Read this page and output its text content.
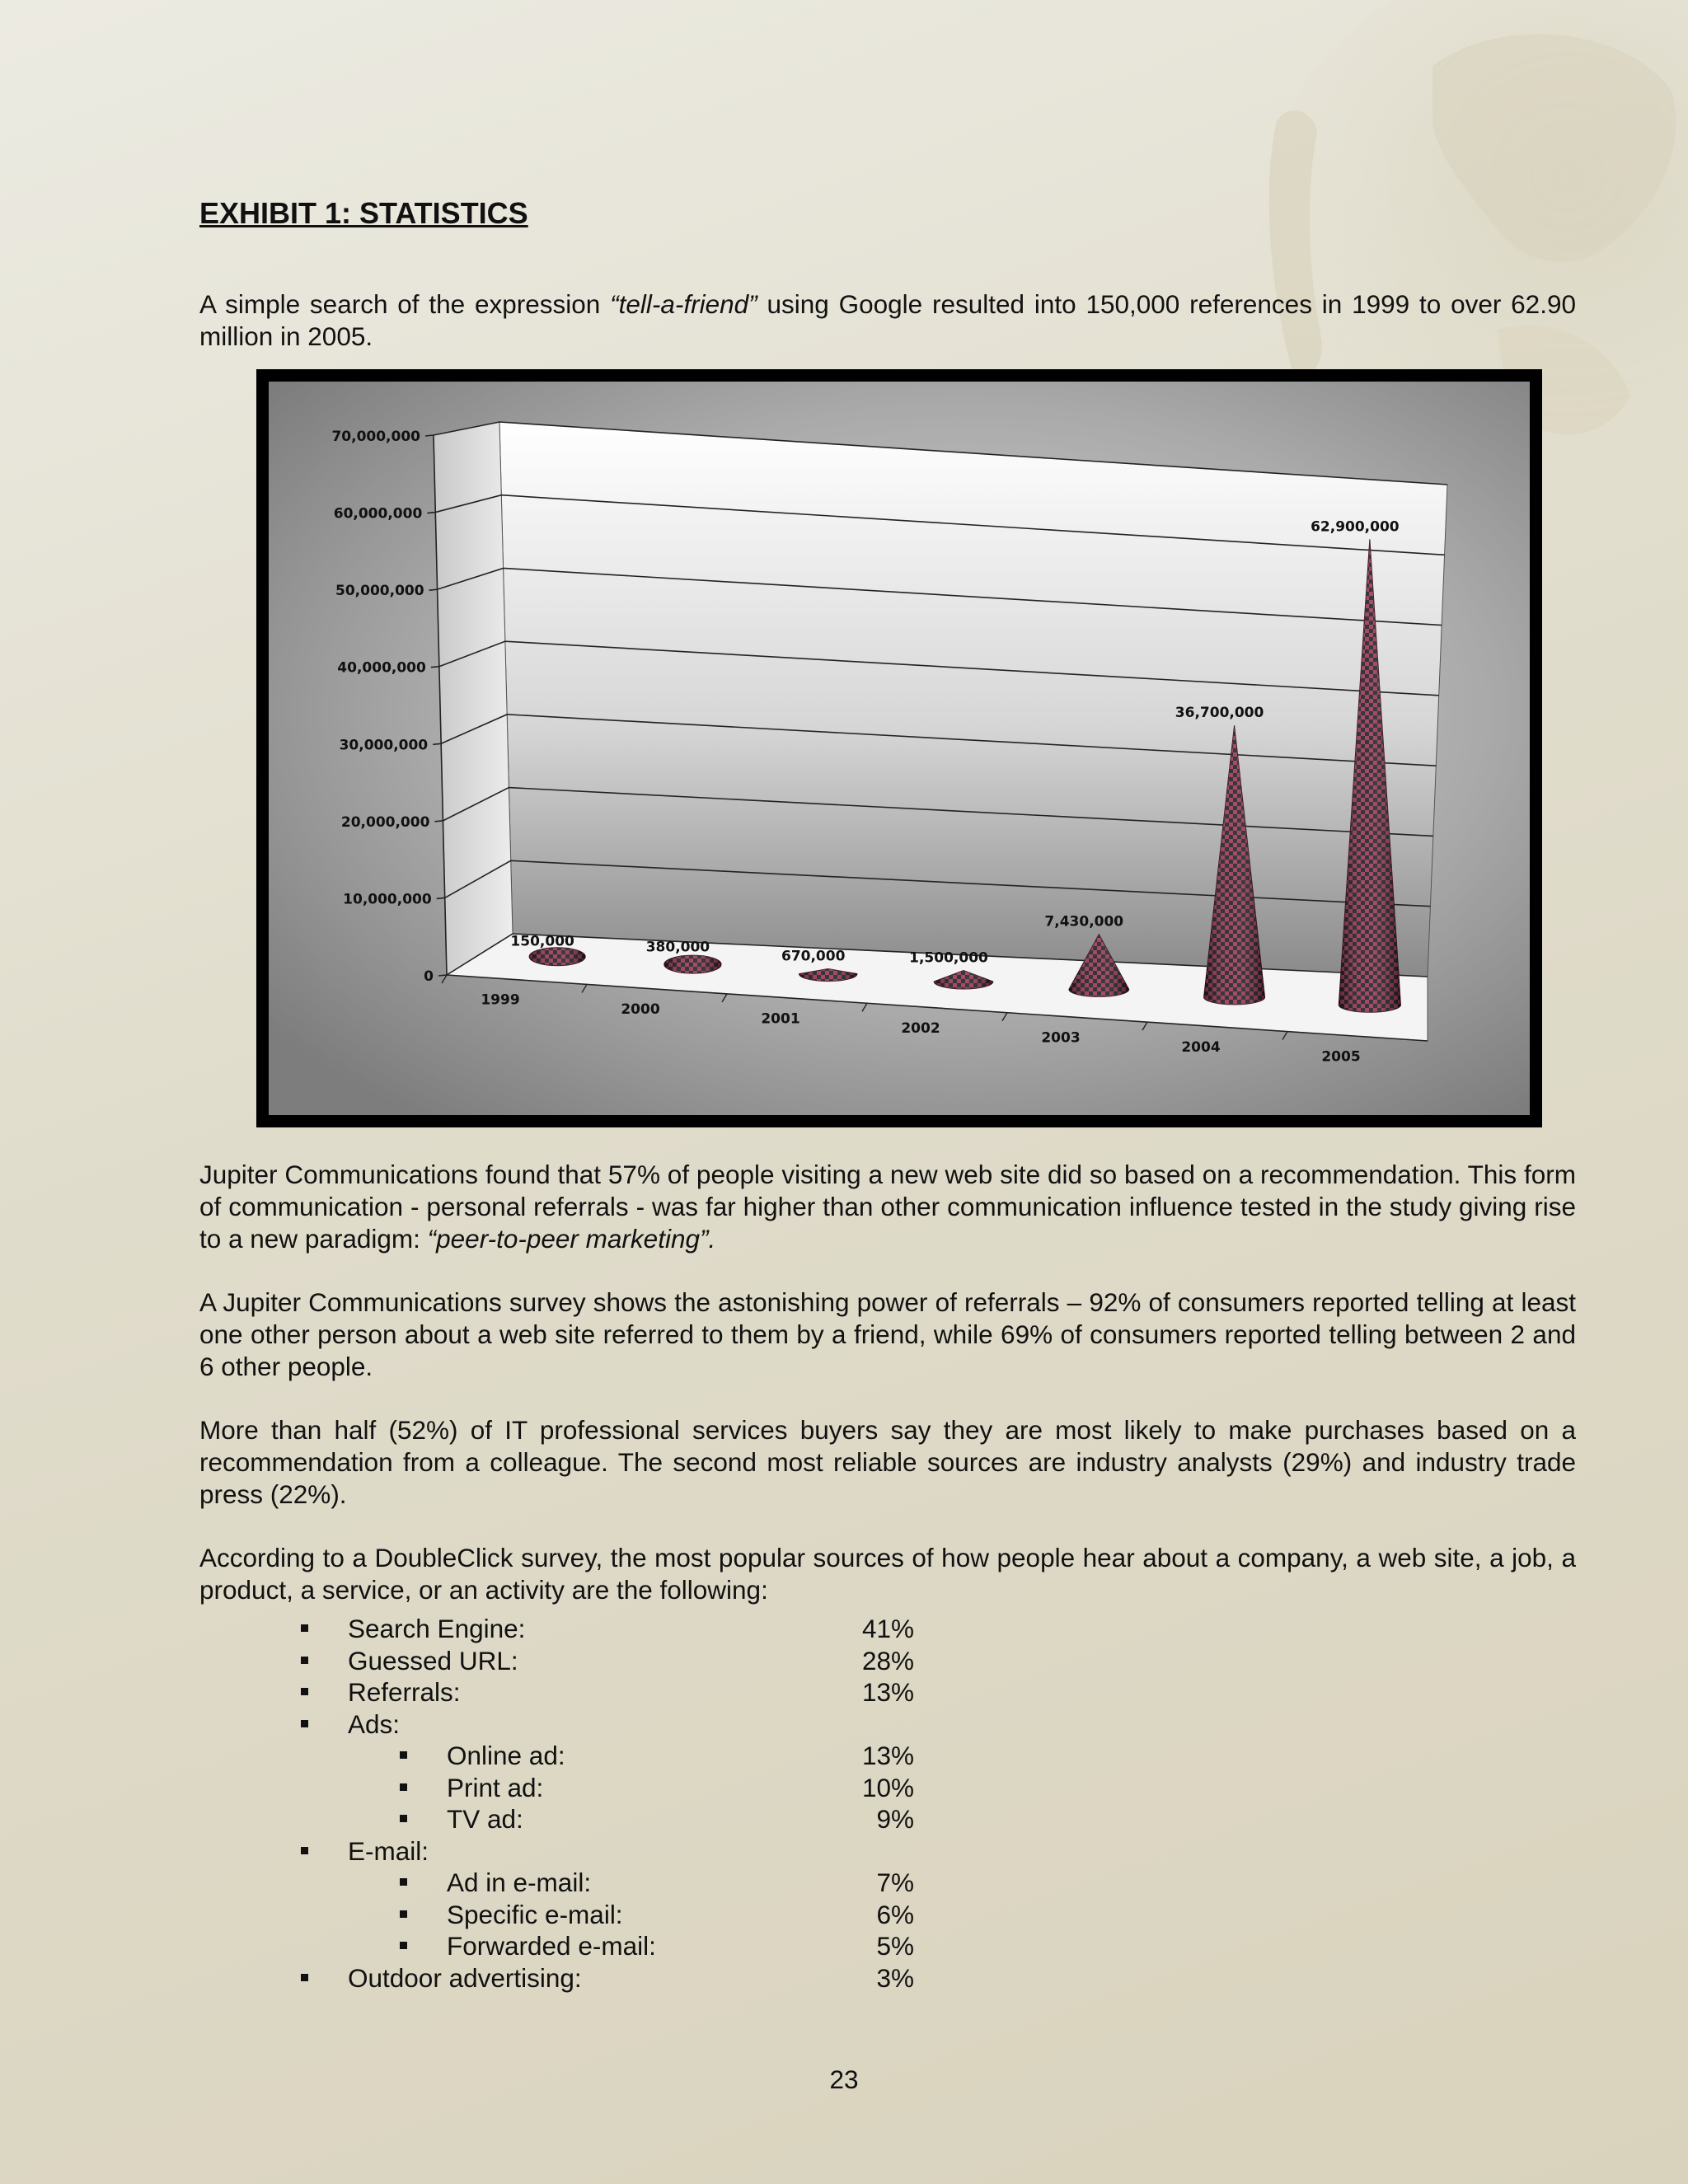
EXHIBIT 1: STATISTICS

A simple search of the expression “tell-a-friend” using Google resulted into 150,000 references in 1999 to over 62.90 million in 2005.

0
10,000,000
20,000,000
30,000,000
40,000,000
50,000,000
60,000,000
70,000,000
150,000
1999
380,000
2000
670,000
2001
1,500,000
2002
7,430,000
2003
36,700,000
2004
62,900,000
2005

Jupiter Communications found that 57% of people visiting a new web site did so based on a recommendation. This form of communication - personal referrals - was far higher than other communication influence tested in the study giving rise to a new paradigm: “peer-to-peer marketing”.

A Jupiter Communications survey shows the astonishing power of referrals – 92% of consumers reported telling at least one other person about a web site referred to them by a friend, while 69% of consumers reported telling between 2 and 6 other people.

More than half (52%) of IT professional services buyers say they are most likely to make purchases based on a recommendation from a colleague. The second most reliable sources are industry analysts (29%) and industry trade press (22%).

According to a DoubleClick survey, the most popular sources of how people hear about a company, a web site, a job, a product, a service, or an activity are the following:

Search Engine:	41%
Guessed URL:	28%
Referrals:	13%
Ads:
Online ad:	13%
Print ad:	10%
TV ad:	9%
E-mail:
Ad in e-mail:	7%
Specific e-mail:	6%
Forwarded e-mail:	5%
Outdoor advertising:	3%
23
